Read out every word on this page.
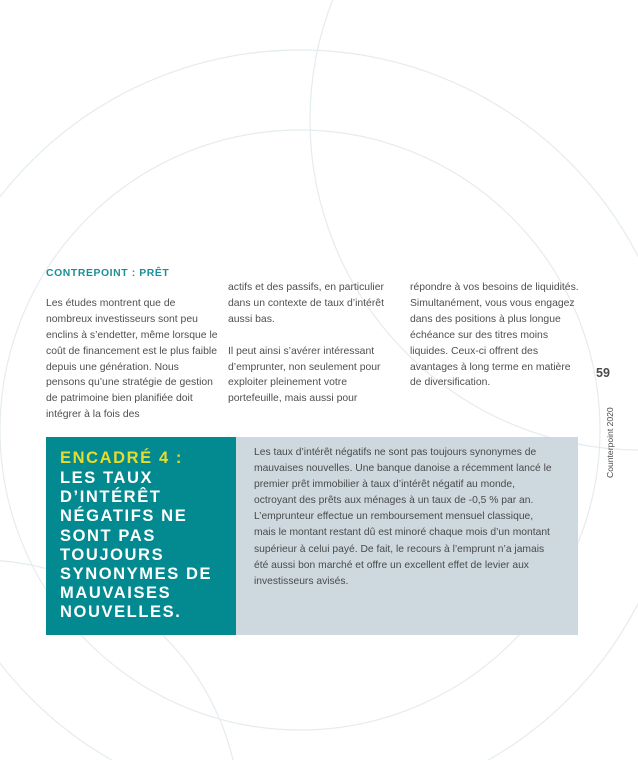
CONTREPOINT : PRÊT

Les études montrent que de nombreux investisseurs sont peu enclins à s’endetter, même lorsque le coût de financement est le plus faible depuis une génération. Nous pensons qu’une stratégie de gestion de patrimoine bien planifiée doit intégrer à la fois des

actifs et des passifs, en particulier dans un contexte de taux d’intérêt aussi bas.

Il peut ainsi s’avérer intéressant d’emprunter, non seulement pour exploiter pleinement votre portefeuille, mais aussi pour

répondre à vos besoins de liquidités. Simultanément, vous vous engagez dans des positions à plus longue échéance sur des titres moins liquides. Ceux-ci offrent des avantages à long terme en matière de diversification.

59
Counterpoint 2020

ENCADRÉ 4 :

LES TAUX D’INTÉRÊT NÉGATIFS NE SONT PAS TOUJOURS SYNONYMES DE MAUVAISES NOUVELLES.

Les taux d’intérêt négatifs ne sont pas toujours synonymes de mauvaises nouvelles. Une banque danoise a récemment lancé le premier prêt immobilier à taux d’intérêt négatif au monde, octroyant des prêts aux ménages à un taux de -0,5 % par an. L’emprunteur effectue un remboursement mensuel classique, mais le montant restant dû est minoré chaque mois d’un montant supérieur à celui payé. De fait, le recours à l’emprunt n’a jamais été aussi bon marché et offre un excellent effet de levier aux investisseurs avisés.
